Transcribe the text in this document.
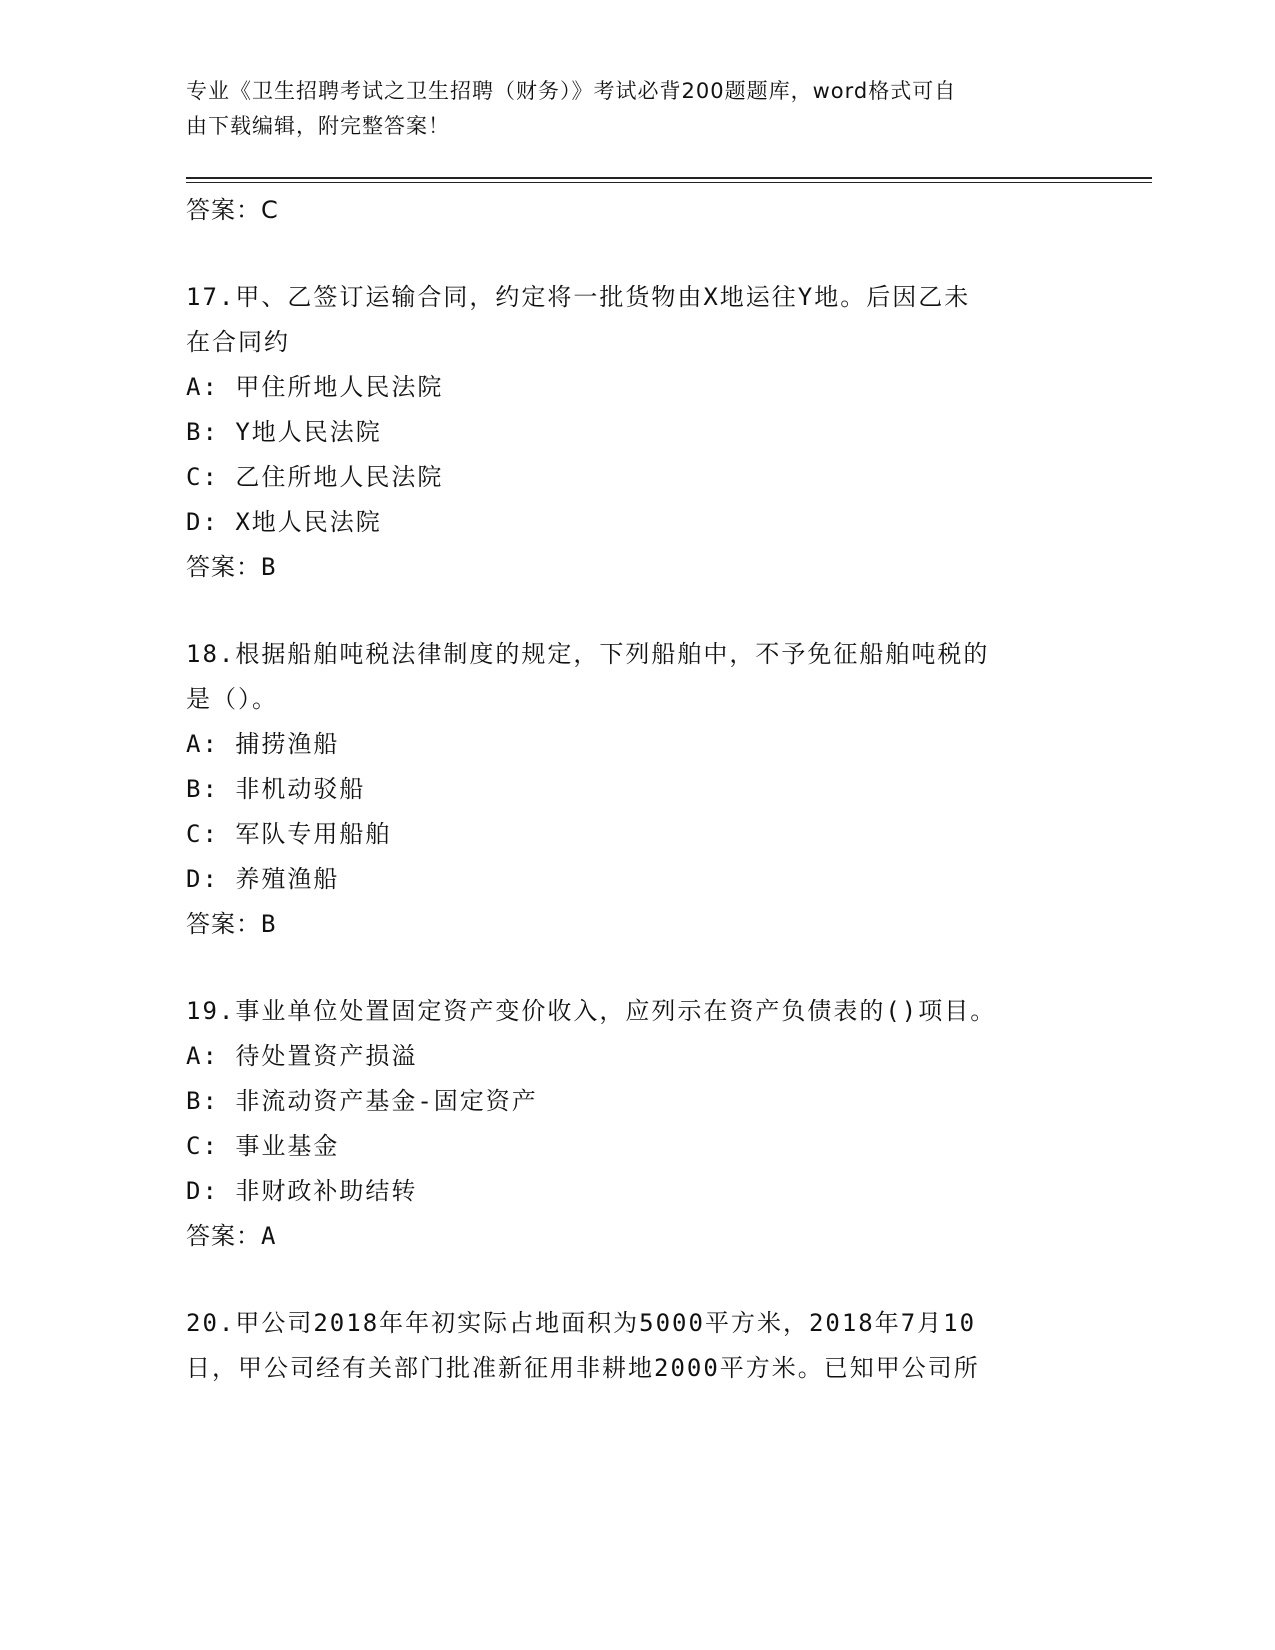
专业《卫生招聘考试之卫生招聘（财务）》考试必背200题题库，word格式可自
由下载编辑，附完整答案！
答案：C
17.甲、乙签订运输合同，约定将一批货物由X地运往Y地。后因乙未
在合同约
A: 甲住所地人民法院
B: Y地人民法院
C: 乙住所地人民法院
D: X地人民法院
答案：B
18.根据船舶吨税法律制度的规定，下列船舶中，不予免征船舶吨税的
是（）。
A: 捕捞渔船
B: 非机动驳船
C: 军队专用船舶
D: 养殖渔船
答案：B
19.事业单位处置固定资产变价收入，应列示在资产负债表的()项目。
A: 待处置资产损溢
B: 非流动资产基金-固定资产
C: 事业基金
D: 非财政补助结转
答案：A
20.甲公司2018年年初实际占地面积为5000平方米，2018年7月10
日，甲公司经有关部门批准新征用非耕地2000平方米。已知甲公司所
